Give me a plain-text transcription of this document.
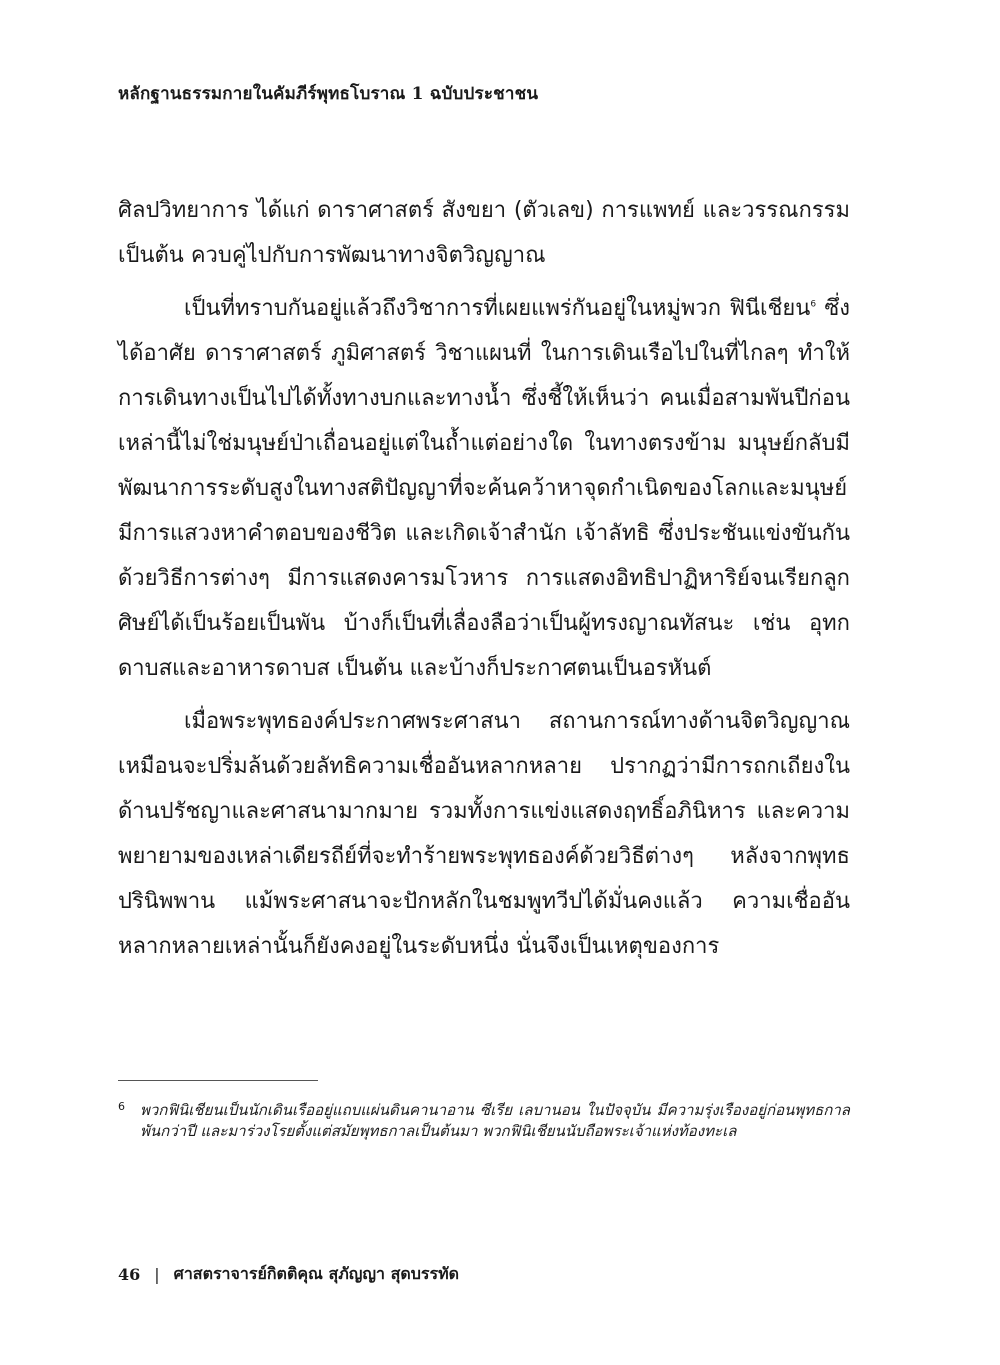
หลักฐานธรรมกายในคัมภีร์พุทธโบราณ 1 ฉบับประชาชน

ศิลปวิทยาการ ได้แก่ ดาราศาสตร์ สังขยา (ตัวเลข) การแพทย์ และวรรณกรรม เป็นต้น ควบคู่ไปกับการพัฒนาทางจิตวิญญาณ

เป็นที่ทราบกันอยู่แล้วถึงวิชาการที่เผยแพร่กันอยู่ในหมู่พวก ฟินีเชียน$^6$ ซึ่งได้อาศัย ดาราศาสตร์ ภูมิศาสตร์ วิชาแผนที่ ในการเดินเรือไปในที่ไกลๆ ทำให้การเดินทางเป็นไปได้ทั้งทางบกและทางน้ำ ซึ่งชี้ให้เห็นว่า คนเมื่อสามพันปีก่อนเหล่านี้ไม่ใช่มนุษย์ป่าเถื่อนอยู่แต่ในถ้ำแต่อย่างใด ในทางตรงข้าม มนุษย์กลับมีพัฒนาการระดับสูงในทางสติปัญญาที่จะค้นคว้าหาจุดกำเนิดของโลกและมนุษย์ มีการแสวงหาคำตอบของชีวิต และเกิดเจ้าสำนัก เจ้าลัทธิ ซึ่งประชันแข่งขันกันด้วยวิธีการต่างๆ มีการแสดงคารมโวหาร การแสดงอิทธิปาฏิหาริย์จนเรียกลูกศิษย์ได้เป็นร้อยเป็นพัน บ้างก็เป็นที่เลื่องลือว่าเป็นผู้ทรงญาณทัสนะ เช่น อุทกดาบสและอาหารดาบส เป็นต้น และบ้างก็ประกาศตนเป็นอรหันต์

เมื่อพระพุทธองค์ประกาศพระศาสนา สถานการณ์ทางด้านจิตวิญญาณเหมือนจะปริ่มล้นด้วยลัทธิความเชื่ออันหลากหลาย ปรากฏว่ามีการถกเถียงในด้านปรัชญาและศาสนามากมาย รวมทั้งการแข่งแสดงฤทธิ์อภินิหาร และความพยายามของเหล่าเดียรถีย์ที่จะทำร้ายพระพุทธองค์ด้วยวิธีต่างๆ หลังจากพุทธปรินิพพาน แม้พระศาสนาจะปักหลักในชมพูทวีปได้มั่นคงแล้ว ความเชื่ออันหลากหลายเหล่านั้นก็ยังคงอยู่ในระดับหนึ่ง นั่นจึงเป็นเหตุของการ

6	พวกฟินิเชียนเป็นนักเดินเรืออยู่แถบแผ่นดินคานาอาน ซีเรีย เลบานอน ในปัจจุบัน มีความรุ่งเรืองอยู่ก่อนพุทธกาลพันกว่าปี และมาร่วงโรยตั้งแต่สมัยพุทธกาลเป็นต้นมา พวกฟินิเชียนนับถือพระเจ้าแห่งท้องทะเล
46 | ศาสตราจารย์กิตติคุณ สุภัญญา สุดบรรทัด
